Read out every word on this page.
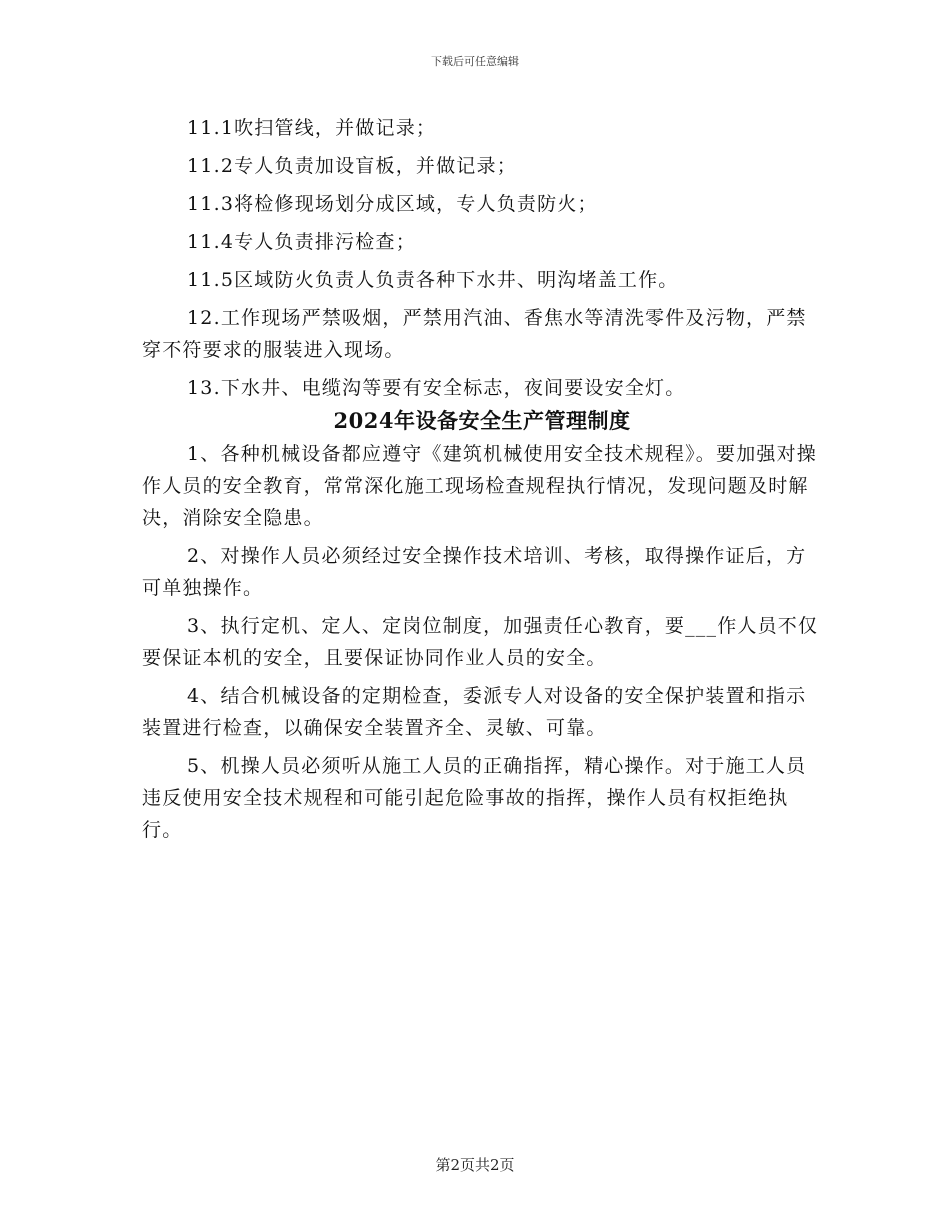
下载后可任意编辑
11.1吹扫管线，并做记录；
11.2专人负责加设盲板，并做记录；
11.3将检修现场划分成区域，专人负责防火；
11.4专人负责排污检查；
11.5区域防火负责人负责各种下水井、明沟堵盖工作。

12.工作现场严禁吸烟，严禁用汽油、香焦水等清洗零件及污物，严禁穿不符要求的服装进入现场。

13.下水井、电缆沟等要有安全标志，夜间要设安全灯。
2024年设备安全生产管理制度

1、各种机械设备都应遵守《建筑机械使用安全技术规程》。要加强对操作人员的安全教育，常常深化施工现场检查规程执行情况，发现问题及时解决，消除安全隐患。

2、对操作人员必须经过安全操作技术培训、考核，取得操作证后，方可单独操作。

3、执行定机、定人、定岗位制度，加强责任心教育，要___作人员不仅要保证本机的安全，且要保证协同作业人员的安全。

4、结合机械设备的定期检查，委派专人对设备的安全保护装置和指示装置进行检查，以确保安全装置齐全、灵敏、可靠。

5、机操人员必须听从施工人员的正确指挥，精心操作。对于施工人员违反使用安全技术规程和可能引起危险事故的指挥，操作人员有权拒绝执行。

第2页共2页
